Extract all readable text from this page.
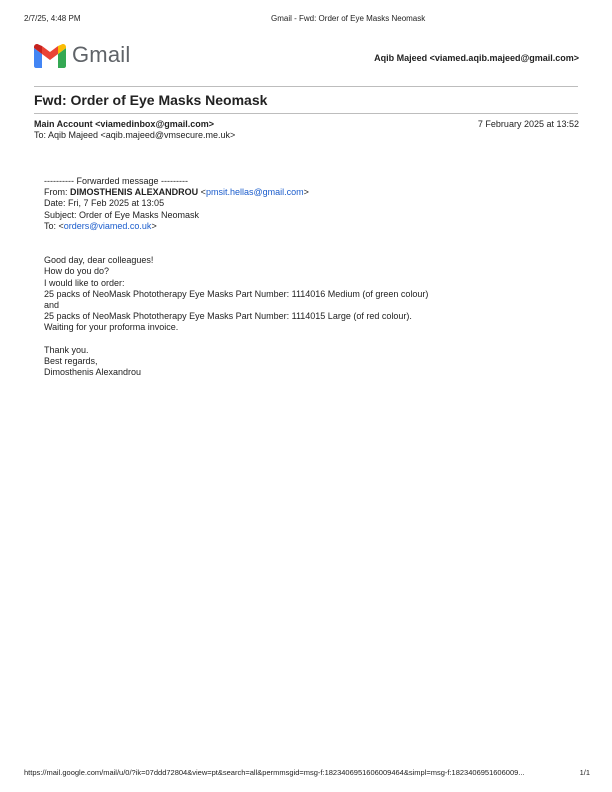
2/7/25, 4:48 PM	Gmail - Fwd: Order of Eye Masks Neomask
Gmail	Aqib Majeed <viamed.aqib.majeed@gmail.com>
Fwd: Order of Eye Masks Neomask
Main Account <viamedinbox@gmail.com>	7 February 2025 at 13:52
To: Aqib Majeed <aqib.majeed@vmsecure.me.uk>
---------- Forwarded message ---------
From: DIMOSTHENIS ALEXANDROU <pmsit.hellas@gmail.com>
Date: Fri, 7 Feb 2025 at 13:05
Subject: Order of Eye Masks Neomask
To: <orders@viamed.co.uk>
Good day, dear colleagues!
How do you do?
I would like to order:
25 packs of NeoMask Phototherapy Eye Masks Part Number: 1114016 Medium (of green colour)
and
25 packs of NeoMask Phototherapy Eye Masks Part Number: 1114015 Large (of red colour).
Waiting for your proforma invoice.
Thank you.
Best regards,
Dimosthenis Alexandrou
https://mail.google.com/mail/u/0/?ik=07ddd72804&view=pt&search=all&permmsgid=msg-f:1823406951606009464&simpl=msg-f:1823406951606009...	1/1
